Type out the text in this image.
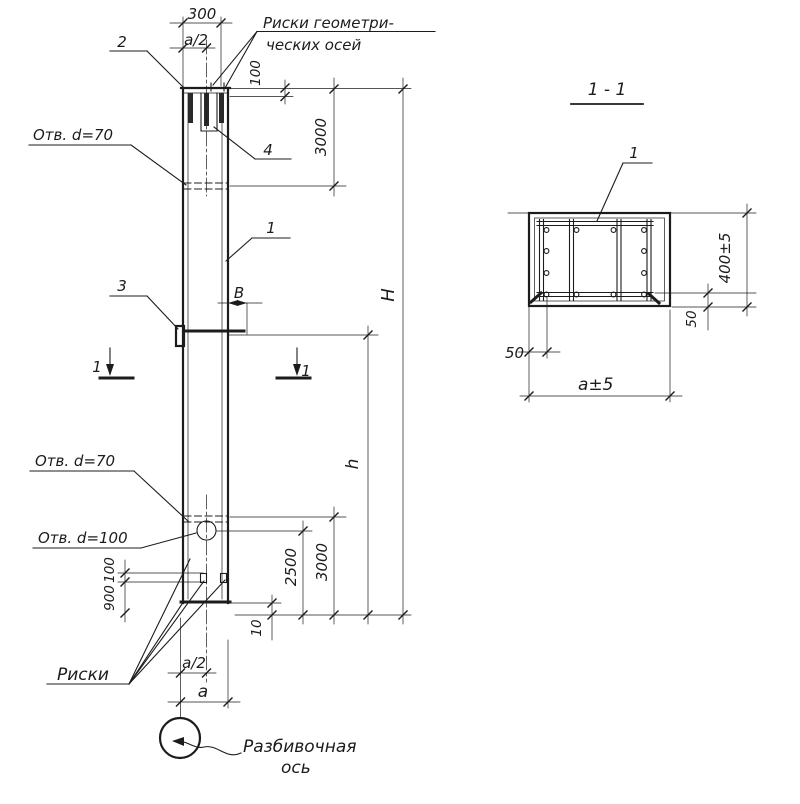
1	1
300
a/2
Риски геометри-
ческих осей
2
Отв. d=70
4
1
100
3000
Н
3	В
h
Отв. d=70
Отв. d=100
100
900
2500 3000
10
Риски
a/2
a
Разбивочная
ось
1 - 1
1
400±5
50
50
a±5
